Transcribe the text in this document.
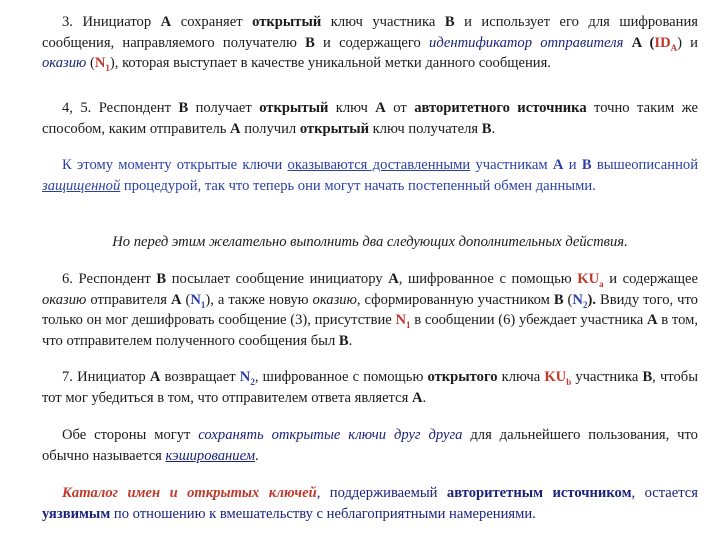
3. Инициатор A сохраняет открытый ключ участника B и использует его для шифрования сообщения, направляемого получателю B и содержащего идентификатор отправителя A $(ID_A)$ и оказию $(N_1)$, которая выступает в качестве уникальной метки данного сообщения.

4, 5. Респондент B получает открытый ключ A от авторитетного источника точно таким же способом, каким отправитель A получил открытый ключ получателя B.

К этому моменту открытые ключи оказываются доставленными участникам A и B вышеописанной защищенной процедурой, так что теперь они могут начать постепенный обмен данными.

Но перед этим желательно выполнить два следующих дополнительных действия.

6. Респондент B посылает сообщение инициатору A, шифрованное с помощью $KU_a$ и содержащее оказию отправителя A $(N_1)$, а также новую оказию, сформированную участником B $(N_2)$. Ввиду того, что только он мог дешифровать сообщение (3), присутствие $N_1$ в сообщении (6) убеждает участника A в том, что отправителем полученного сообщения был B.

7. Инициатор A возвращает $N_2$, шифрованное с помощью открытого ключа $KU_b$ участника B, чтобы тот мог убедиться в том, что отправителем ответа является A.

Обе стороны могут сохранять открытые ключи друг друга для дальнейшего пользования, что обычно называется кэшированием.

Каталог имен и открытых ключей, поддерживаемый авторитетным источником, остается уязвимым по отношению к вмешательству с неблагоприятными намерениями.
